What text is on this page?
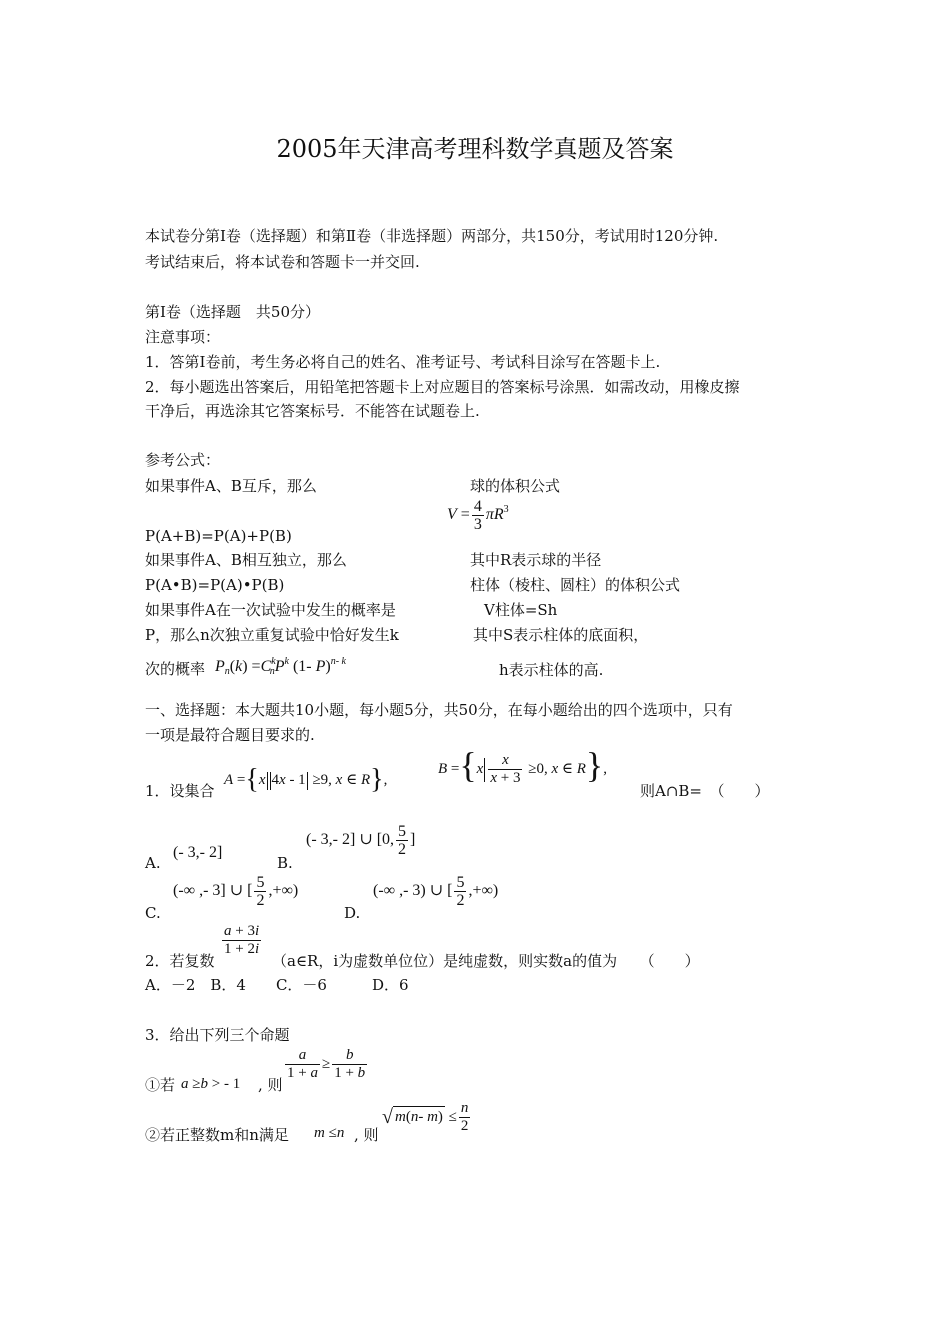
2005年天津高考理科数学真题及答案
本试卷分第Ⅰ卷（选择题）和第Ⅱ卷（非选择题）两部分，共150分，考试用时120分钟.
考试结束后，将本试卷和答题卡一并交回.
第Ⅰ卷（选择题　共50分）
注意事项：
1．答第Ⅰ卷前，考生务必将自己的姓名、准考证号、考试科目涂写在答题卡上.
2．每小题选出答案后，用铅笔把答题卡上对应题目的答案标号涂黑．如需改动，用橡皮擦
干净后，再选涂其它答案标号．不能答在试题卷上.
参考公式：
如果事件A、B互斥，那么
P(A+B)=P(A)+P(B)
如果事件A、B相互独立，那么
P(A•B)=P(A)•P(B)
如果事件A在一次试验中发生的概率是
P，那么n次独立重复试验中恰好发生k
次的概率 $P_n(k) =C^k_nP^k$ (1- P)$^{n- k}$
球的体积公式
$V = \frac{4}{3} \pi R^3$
其中R表示球的半径
柱体（棱柱、圆柱）的体积公式
V柱体=Sh
其中S表示柱体的底面积，
h表示柱体的高.
一、选择题：本大题共10小题，每小题5分，共50分，在每小题给出的四个选项中，只有
一项是最符合题目要求的.
1．设集合
A ={x 4x - 1 ≥9, x ∈ R},
$B =\{x \frac{x}{x + 3} \ge 0$, x ∈ R},
则A∩B=　（　　）
A.
(- 3,- 2]
B.
(- 3,- 2] ∪ [0, $\frac{5}{2}$ ]
C.
(-∞ ,- 3] ∪ [ $\frac{5}{2}$ ,+∞)
D.
(-∞ ,- 3) ∪ [ $\frac{5}{2}$ ,+∞)
2．若复数
$\frac{a + 3i}{1 + 2i}$
（a∈R，i为虚数单位位）是纯虚数，则实数a的值为　　（　　）
A．－2　B．4　　C．－6　　　D．6
3．给出下列三个命题
①若 a ≥b > - 1 , 则
$\frac{a}{1 + a} \ge \frac{b}{1 + b}$
②若正整数m和n满足 m ≤n , 则
√ m(n- $m) \le \frac{n}{2}$
